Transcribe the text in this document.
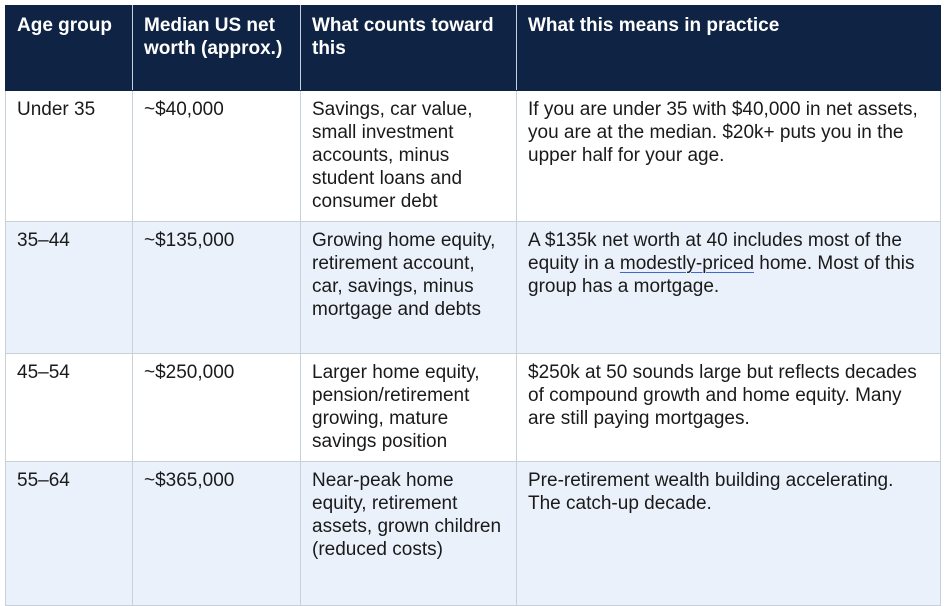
Age group	Median US net worth (approx.)	What counts toward this	What this means in practice
Under 35	~$40,000	Savings, car value, small investment accounts, minus student loans and consumer debt	If you are under 35 with $40,000 in net assets, you are at the median. $20k+ puts you in the upper half for your age.
35–44	~$135,000	Growing home equity, retirement account, car, savings, minus mortgage and debts	A $135k net worth at 40 includes most of the equity in a modestly-priced home. Most of this group has a mortgage.
45–54	~$250,000	Larger home equity, pension/retirement growing, mature savings position	$250k at 50 sounds large but reflects decades of compound growth and home equity. Many are still paying mortgages.
55–64	~$365,000	Near-peak home equity, retirement assets, grown children (reduced costs)	Pre-retirement wealth building accelerating. The catch-up decade.
